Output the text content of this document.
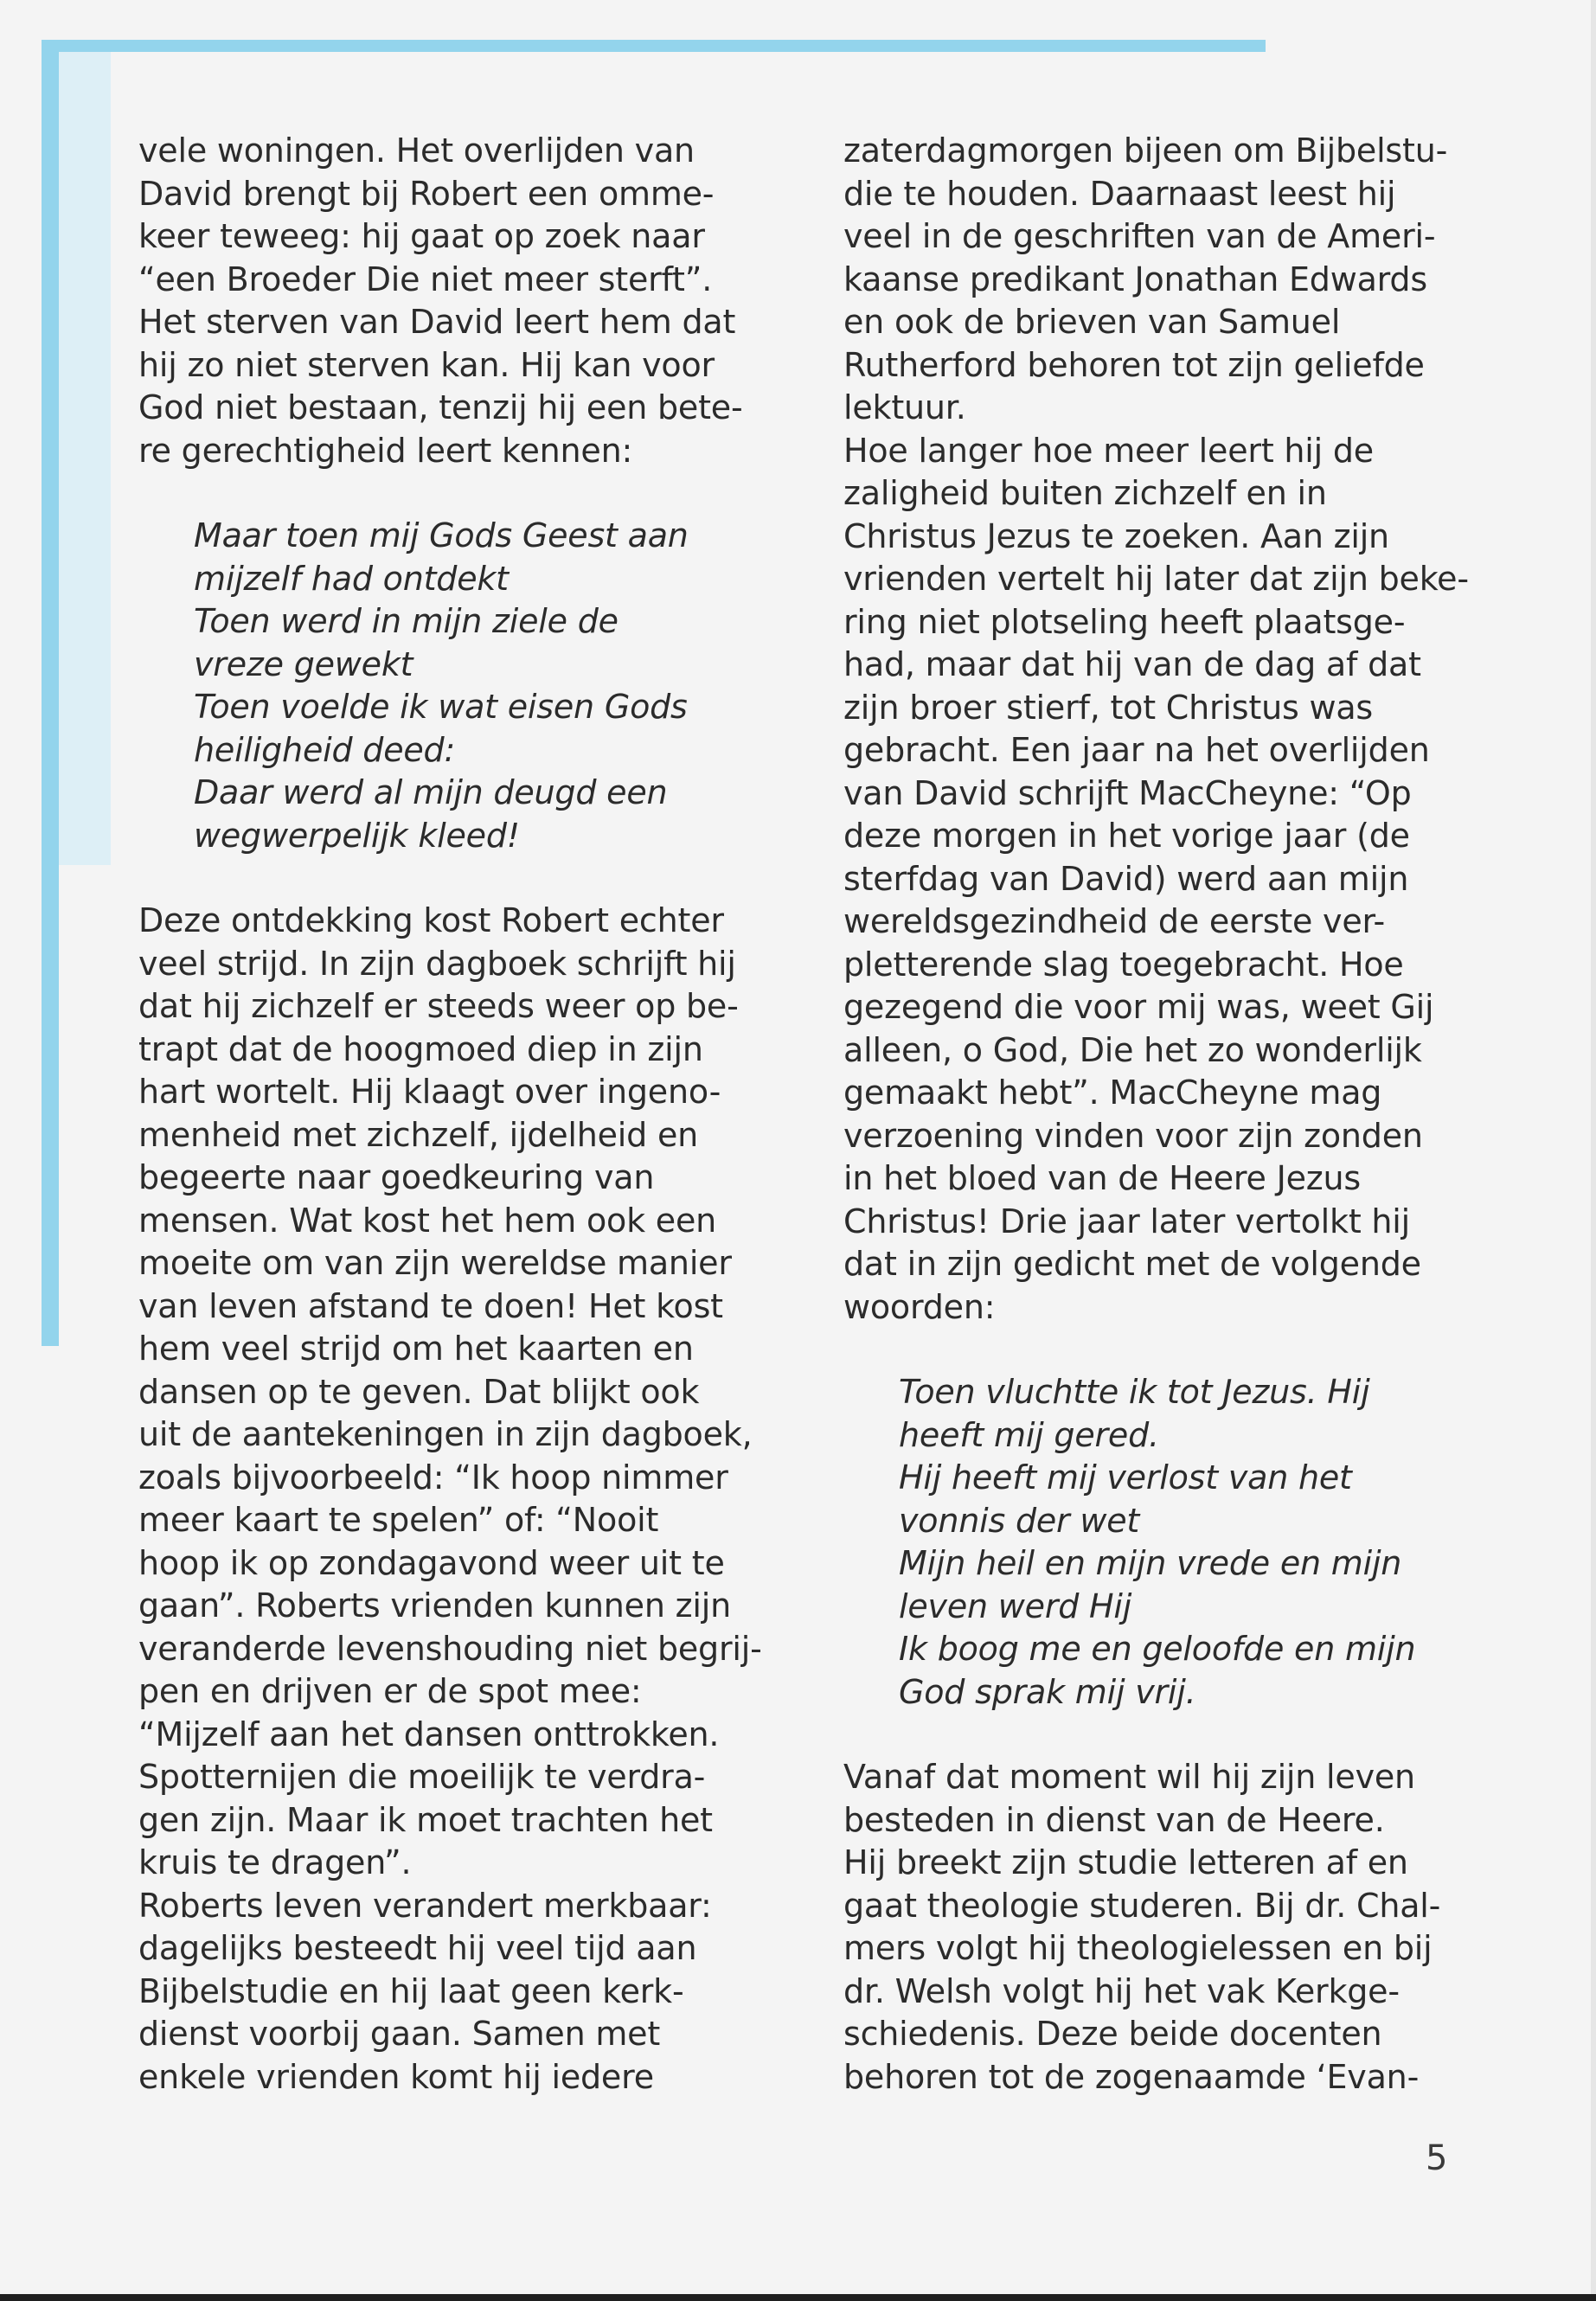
vele woningen. Het overlijden van
David brengt bij Robert een omme-
keer teweeg: hij gaat op zoek naar
“een Broeder Die niet meer sterft”.
Het sterven van David leert hem dat
hij zo niet sterven kan. Hij kan voor
God niet bestaan, tenzij hij een bete-
re gerechtigheid leert kennen:

Maar toen mij Gods Geest aan
mijzelf had ontdekt
Toen werd in mijn ziele de
vreze gewekt
Toen voelde ik wat eisen Gods
heiligheid deed:
Daar werd al mijn deugd een
wegwerpelijk kleed!

Deze ontdekking kost Robert echter
veel strijd. In zijn dagboek schrijft hij
dat hij zichzelf er steeds weer op be-
trapt dat de hoogmoed diep in zijn
hart wortelt. Hij klaagt over ingeno-
menheid met zichzelf, ijdelheid en
begeerte naar goedkeuring van
mensen. Wat kost het hem ook een
moeite om van zijn wereldse manier
van leven afstand te doen! Het kost
hem veel strijd om het kaarten en
dansen op te geven. Dat blijkt ook
uit de aantekeningen in zijn dagboek,
zoals bijvoorbeeld: “Ik hoop nimmer
meer kaart te spelen” of: “Nooit
hoop ik op zondagavond weer uit te
gaan”. Roberts vrienden kunnen zijn
veranderde levenshouding niet begrij-
pen en drijven er de spot mee:
“Mijzelf aan het dansen onttrokken.
Spotternijen die moeilijk te verdra-
gen zijn. Maar ik moet trachten het
kruis te dragen”.

Roberts leven verandert merkbaar:
dagelijks besteedt hij veel tijd aan
Bijbelstudie en hij laat geen kerk-
dienst voorbij gaan. Samen met
enkele vrienden komt hij iedere

zaterdagmorgen bijeen om Bijbelstu-
die te houden. Daarnaast leest hij
veel in de geschriften van de Ameri-
kaanse predikant Jonathan Edwards
en ook de brieven van Samuel
Rutherford behoren tot zijn geliefde
lektuur.

Hoe langer hoe meer leert hij de
zaligheid buiten zichzelf en in
Christus Jezus te zoeken. Aan zijn
vrienden vertelt hij later dat zijn beke-
ring niet plotseling heeft plaatsge-
had, maar dat hij van de dag af dat
zijn broer stierf, tot Christus was
gebracht. Een jaar na het overlijden
van David schrijft MacCheyne: “Op
deze morgen in het vorige jaar (de
sterfdag van David) werd aan mijn
wereldsgezindheid de eerste ver-
pletterende slag toegebracht. Hoe
gezegend die voor mij was, weet Gij
alleen, o God, Die het zo wonderlijk
gemaakt hebt”. MacCheyne mag
verzoening vinden voor zijn zonden
in het bloed van de Heere Jezus
Christus! Drie jaar later vertolkt hij
dat in zijn gedicht met de volgende
woorden:

Toen vluchtte ik tot Jezus. Hij
heeft mij gered.
Hij heeft mij verlost van het
vonnis der wet
Mijn heil en mijn vrede en mijn
leven werd Hij
Ik boog me en geloofde en mijn
God sprak mij vrij.

Vanaf dat moment wil hij zijn leven
besteden in dienst van de Heere.

Hij breekt zijn studie letteren af en
gaat theologie studeren. Bij dr. Chal-
mers volgt hij theologielessen en bij
dr. Welsh volgt hij het vak Kerkge-
schiedenis. Deze beide docenten
behoren tot de zogenaamde ‘Evan-

5
